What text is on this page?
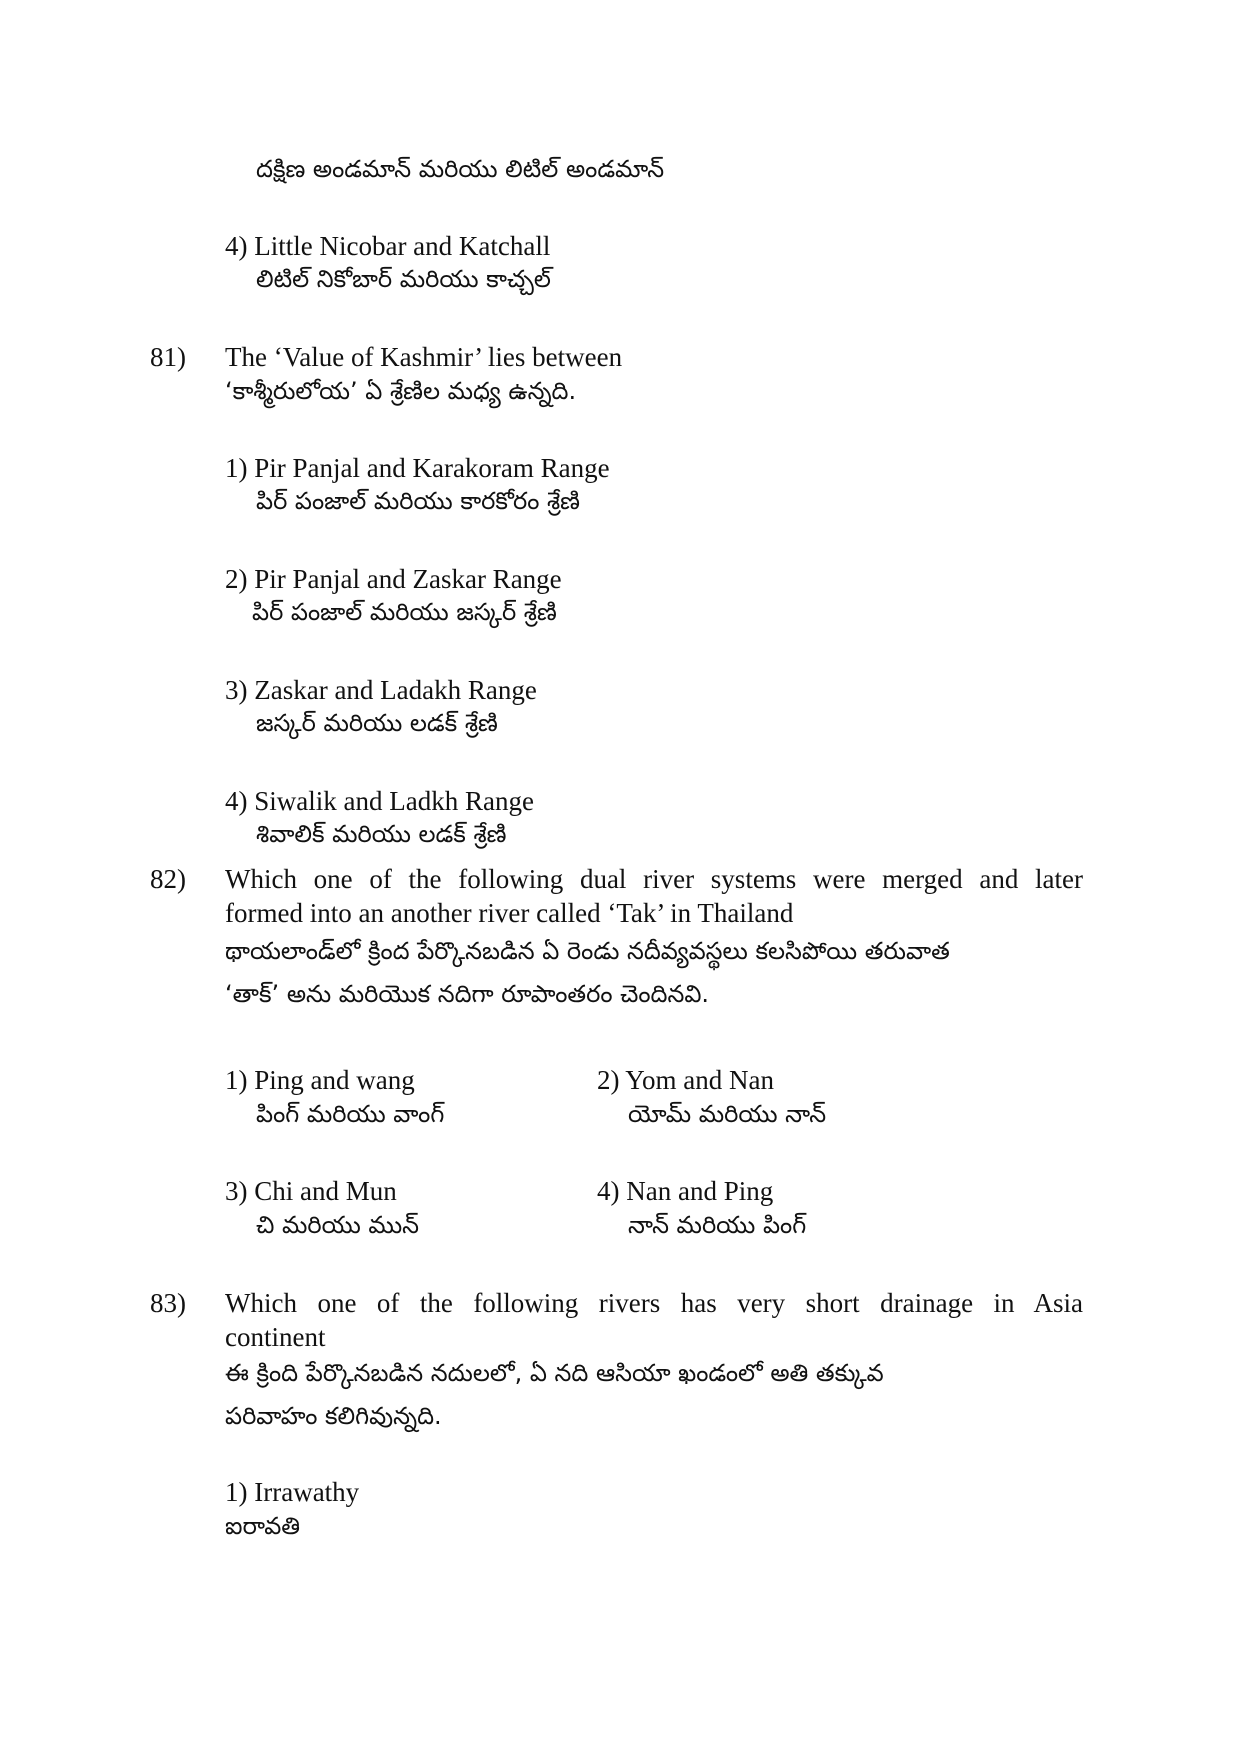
దక్షిణ అండమాన్ మరియు లిటిల్ అండమాన్
4) Little Nicobar and Katchall
లిటిల్ నికోబార్ మరియు కాచ్చల్
81) The ‘Value of Kashmir’ lies between
‘కాశ్మీరులోయ’ ఏ శ్రేణిల మధ్య ఉన్నది.
1) Pir Panjal and Karakoram Range
పిర్ పంజాల్ మరియు కారకోరం శ్రేణి
2) Pir Panjal and Zaskar Range
పిర్ పంజాల్ మరియు జస్కర్ శ్రేణి
3) Zaskar and Ladakh Range
జస్కర్ మరియు లడక్ శ్రేణి
4) Siwalik and Ladkh Range
శివాలిక్ మరియు లడక్ శ్రేణి
82) Which one of the following dual river systems were merged and later
formed into an another river called ‘Tak’ in Thailand
థాయలాండ్‌లో క్రింద పేర్కొనబడిన ఏ రెండు నదీవ్యవస్థలు కలసిపోయి తరువాత
‘తాక్’ అను మరియొక నదిగా రూపాంతరం చెందినవి.
1) Ping and wang
పింగ్ మరియు వాంగ్
2) Yom and Nan
యోమ్ మరియు నాన్
3) Chi and Mun
చి మరియు మున్
4) Nan and Ping
నాన్ మరియు పింగ్
83) Which one of the following rivers has very short drainage in Asia
continent
ఈ క్రింది పేర్కొనబడిన నదులలో, ఏ నది ఆసియా ఖండంలో అతి తక్కువ
పరివాహం కలిగివున్నది.
1) Irrawathy
ఐరావతి
